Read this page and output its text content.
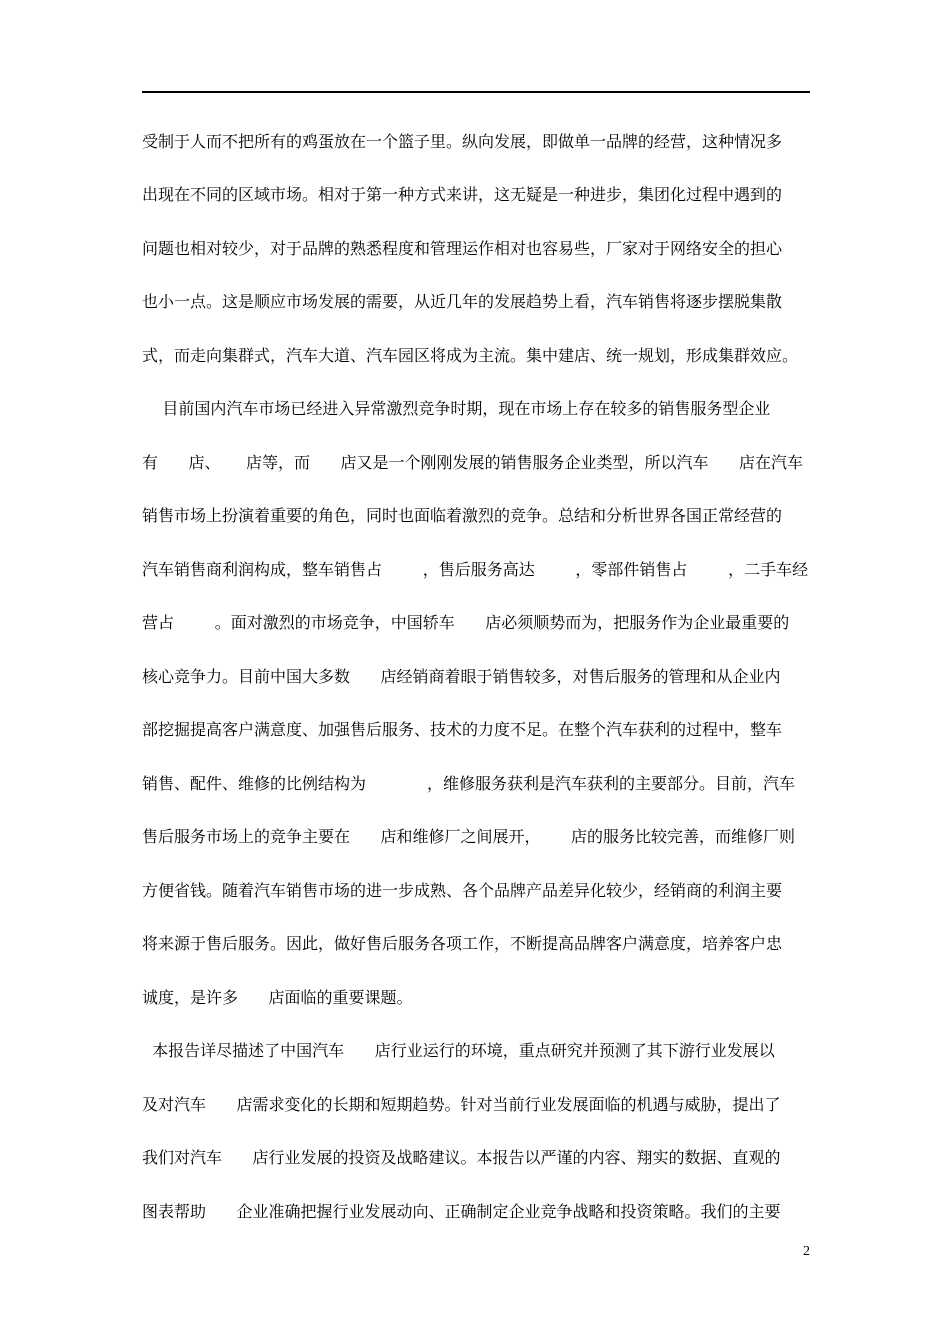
受制于人而不把所有的鸡蛋放在一个篮子里。纵向发展，即做单一品牌的经营，这种情况多

出现在不同的区域市场。相对于第一种方式来讲，这无疑是一种进步，集团化过程中遇到的

问题也相对较少，对于品牌的熟悉程度和管理运作相对也容易些，厂家对于网络安全的担心

也小一点。这是顺应市场发展的需要，从近几年的发展趋势上看，汽车销售将逐步摆脱集散

式，而走向集群式，汽车大道、汽车园区将成为主流。集中建店、统一规划，形成集群效应。

目前国内汽车市场已经进入异常激烈竞争时期，现在市场上存在较多的销售服务型企业

有      店、     店等，而      店又是一个刚刚发展的销售服务企业类型，所以汽车      店在汽车

销售市场上扮演着重要的角色，同时也面临着激烈的竞争。总结和分析世界各国正常经营的

汽车销售商利润构成，整车销售占        ，售后服务高达        ，零部件销售占        ，二手车经

营占        。面对激烈的市场竞争，中国轿车      店必须顺势而为，把服务作为企业最重要的

核心竞争力。目前中国大多数      店经销商着眼于销售较多，对售后服务的管理和从企业内

部挖掘提高客户满意度、加强售后服务、技术的力度不足。在整个汽车获利的过程中，整车

销售、配件、维修的比例结构为            ，维修服务获利是汽车获利的主要部分。目前，汽车

售后服务市场上的竞争主要在      店和维修厂之间展开，      店的服务比较完善，而维修厂则

方便省钱。随着汽车销售市场的进一步成熟、各个品牌产品差异化较少，经销商的利润主要

将来源于售后服务。因此，做好售后服务各项工作，不断提高品牌客户满意度，培养客户忠

诚度，是许多      店面临的重要课题。

本报告详尽描述了中国汽车      店行业运行的环境，重点研究并预测了其下游行业发展以

及对汽车      店需求变化的长期和短期趋势。针对当前行业发展面临的机遇与威胁，提出了

我们对汽车      店行业发展的投资及战略建议。本报告以严谨的内容、翔实的数据、直观的

图表帮助      企业准确把握行业发展动向、正确制定企业竞争战略和投资策略。我们的主要

2
